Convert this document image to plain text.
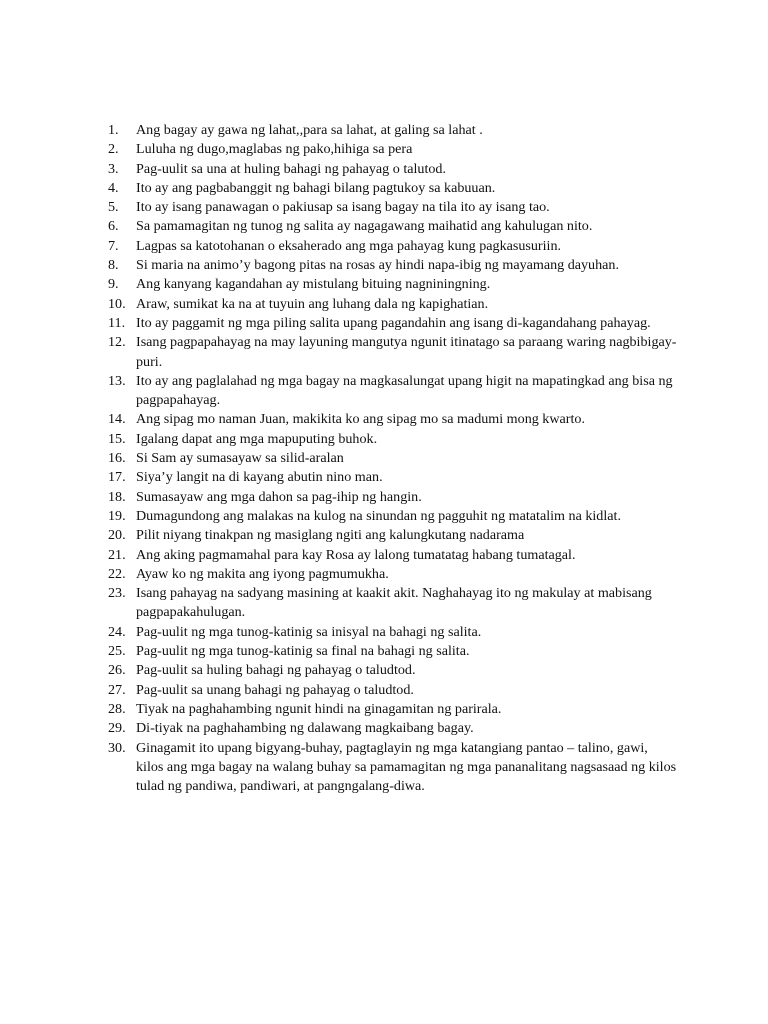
1.	Ang bagay ay gawa ng lahat,,para sa lahat, at galing sa lahat .
2.	Luluha ng dugo,maglabas ng pako,hihiga sa pera
3.	Pag-uulit sa una at huling bahagi ng pahayag o talutod.
4.	Ito ay ang pagbabanggit ng bahagi bilang pagtukoy sa kabuuan.
5.	Ito ay isang panawagan o pakiusap sa isang bagay na tila ito ay isang tao.
6.	Sa pamamagitan ng tunog ng salita ay nagagawang maihatid ang kahulugan nito.
7.	Lagpas sa katotohanan o eksaherado ang mga pahayag kung pagkasusuriin.
8.	Si maria na animo’y bagong pitas na rosas ay hindi napa-ibig ng mayamang dayuhan.
9.	Ang kanyang kagandahan ay mistulang bituing nagniningning.
10. Araw, sumikat ka na at tuyuin ang luhang dala ng kapighatian.
11. Ito ay paggamit ng mga piling salita upang pagandahin ang isang di-kagandahang pahayag.
12. Isang pagpapahayag na may layuning mangutya ngunit itinatago sa paraang waring nagbibigay-puri.
13. Ito ay ang paglalahad ng mga bagay na magkasalungat upang higit na mapatingkad ang bisa ng pagpapahayag.
14. Ang sipag mo naman Juan, makikita ko ang sipag mo sa madumi mong kwarto.
15. Igalang dapat ang mga mapuputing buhok.
16. Si Sam ay sumasayaw sa silid-aralan
17. Siya’y langit na di kayang abutin nino man.
18. Sumasayaw ang mga dahon sa pag-ihip ng hangin.
19. Dumagundong ang malakas na kulog na sinundan ng pagguhit ng matatalim na kidlat.
20. Pilit niyang tinakpan ng masiglang ngiti ang kalungkutang nadarama
21. Ang aking pagmamahal para kay Rosa ay lalong tumatatag habang tumatagal.
22. Ayaw ko ng makita ang iyong pagmumukha.
23. Isang pahayag na sadyang masining at kaakit akit. Naghahayag ito ng makulay at mabisang pagpapakahulugan.
24. Pag-uulit ng mga tunog-katinig sa inisyal na bahagi ng salita.
25. Pag-uulit ng mga tunog-katinig sa final na bahagi ng salita.
26. Pag-uulit sa huling bahagi ng pahayag o taludtod.
27. Pag-uulit sa unang bahagi ng pahayag o taludtod.
28. Tiyak na paghahambing ngunit hindi na ginagamitan ng parirala.
29. Di-tiyak na paghahambing ng dalawang magkaibang bagay.
30. Ginagamit ito upang bigyang-buhay, pagtaglayin ng mga katangiang pantao – talino, gawi, kilos ang mga bagay na walang buhay sa pamamagitan ng mga pananalitang nagsasaad ng kilos tulad ng pandiwa, pandiwari, at pangngalang-diwa.
